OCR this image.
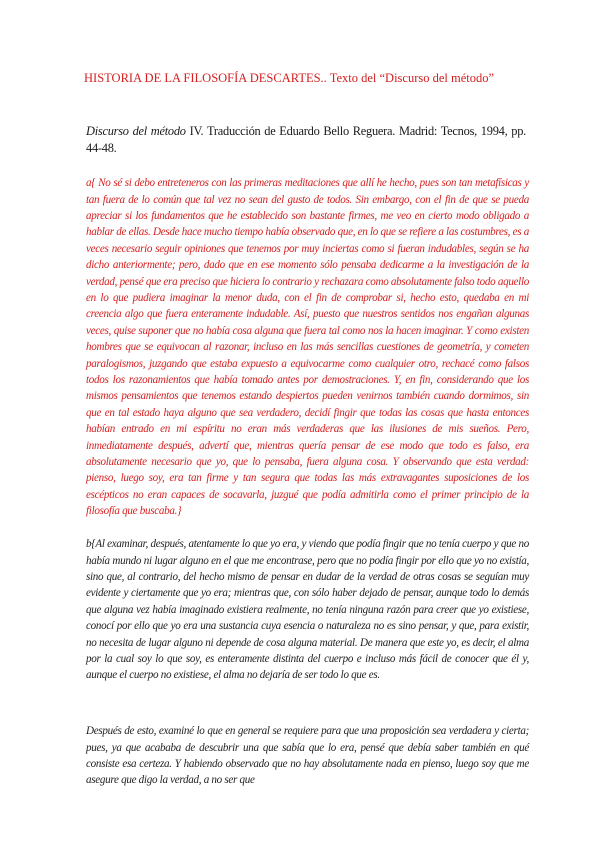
HISTORIA DE LA FILOSOFÍA DESCARTES.. Texto del “Discurso del método”
Discurso del método IV. Traducción de Eduardo Bello Reguera. Madrid: Tecnos, 1994, pp. 44-48.

a{ No sé si debo entreteneros con las primeras meditaciones que allí he hecho, pues son tan metafísicas y tan fuera de lo común que tal vez no sean del gusto de todos. Sin embargo, con el fin de que se pueda apreciar si los fundamentos que he establecido son bastante firmes, me veo en cierto modo obligado a hablar de ellas. Desde hace mucho tiempo había observado que, en lo que se refiere a las costumbres, es a veces necesario seguir opiniones que tenemos por muy inciertas como si fueran indudables, según se ha dicho anteriormente; pero, dado que en ese momento sólo pensaba dedicarme a la investigación de la verdad, pensé que era preciso que hiciera lo contrario y rechazara como absolutamente falso todo aquello en lo que pudiera imaginar la menor duda, con el fin de comprobar si, hecho esto, quedaba en mi creencia algo que fuera enteramente indudable. Así, puesto que nuestros sentidos nos engañan algunas veces, quise suponer que no había cosa alguna que fuera tal como nos la hacen imaginar. Y como existen hombres que se equivocan al razonar, incluso en las más sencillas cuestiones de geometría, y cometen paralogismos, juzgando que estaba expuesto a equivocarme como cualquier otro, rechacé como falsos todos los razonamientos que había tomado antes por demostraciones. Y, en fin, considerando que los mismos pensamientos que tenemos estando despiertos pueden venirnos también cuando dormimos, sin que en tal estado haya alguno que sea verdadero, decidí fingir que todas las cosas que hasta entonces habían entrado en mi espíritu no eran más verdaderas que las ilusiones de mis sueños. Pero, inmediatamente después, advertí que, mientras quería pensar de ese modo que todo es falso, era absolutamente necesario que yo, que lo pensaba, fuera alguna cosa. Y observando que esta verdad: pienso, luego soy, era tan firme y tan segura que todas las más extravagantes suposiciones de los escépticos no eran capaces de socavarla, juzgué que podía admitirla como el primer principio de la filosofía que buscaba.}

b{Al examinar, después, atentamente lo que yo era, y viendo que podía fingir que no tenía cuerpo y que no había mundo ni lugar alguno en el que me encontrase, pero que no podía fingir por ello que yo no existía, sino que, al contrario, del hecho mismo de pensar en dudar de la verdad de otras cosas se seguían muy evidente y ciertamente que yo era; mientras que, con sólo haber dejado de pensar, aunque todo lo demás que alguna vez había imaginado existiera realmente, no tenía ninguna razón para creer que yo existiese, conocí por ello que yo era una sustancia cuya esencia o naturaleza no es sino pensar, y que, para existir, no necesita de lugar alguno ni depende de cosa alguna material. De manera que este yo, es decir, el alma por la cual soy lo que soy, es enteramente distinta del cuerpo e incluso más fácil de conocer que él y, aunque el cuerpo no existiese, el alma no dejaría de ser todo lo que es.

Después de esto, examiné lo que en general se requiere para que una proposición sea verdadera y cierta; pues, ya que acababa de descubrir una que sabía que lo era, pensé que debía saber también en qué consiste esa certeza. Y habiendo observado que no hay absolutamente nada en pienso, luego soy que me asegure que digo la verdad, a no ser que
